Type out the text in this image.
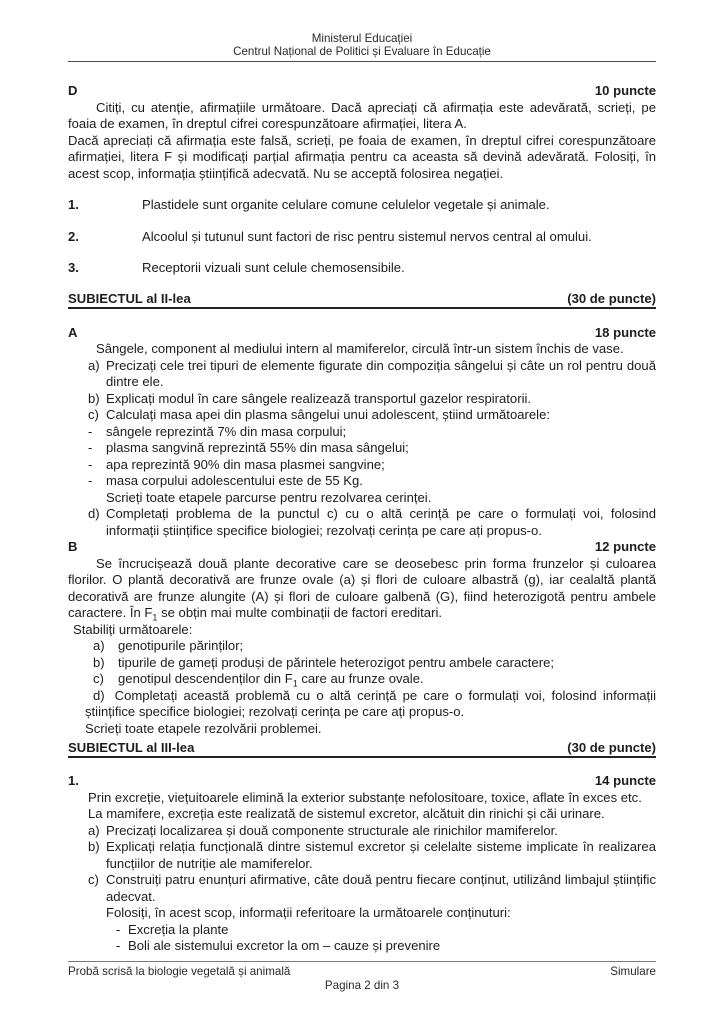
Ministerul Educației
Centrul Național de Politici și Evaluare în Educație
D	10 puncte

Citiți, cu atenție, afirmațiile următoare. Dacă apreciați că afirmația este adevărată, scrieți, pe foaia de examen, în dreptul cifrei corespunzătoare afirmației, litera A.

Dacă apreciați că afirmația este falsă, scrieți, pe foaia de examen, în dreptul cifrei corespunzătoare afirmației, litera F și modificați parțial afirmația pentru ca aceasta să devină adevărată. Folosiți, în acest scop, informația științifică adecvată. Nu se acceptă folosirea negației.

1.	Plastidele sunt organite celulare comune celulelor vegetale și animale.
2.	Alcoolul și tutunul sunt factori de risc pentru sistemul nervos central al omului.
3.	Receptorii vizuali sunt celule chemosensibile.
SUBIECTUL al II-lea	(30 de puncte)
A	18 puncte

Sângele, component al mediului intern al mamiferelor, circulă într-un sistem închis de vase.

a) Precizați cele trei tipuri de elemente figurate din compoziția sângelui și câte un rol pentru două dintre ele.
b) Explicați modul în care sângele realizează transportul gazelor respiratorii.
c) Calculați masa apei din plasma sângelui unui adolescent, știind următoarele:
-	sângele reprezintă 7% din masa corpului;
-	plasma sangvină reprezintă 55% din masa sângelui;
-	apa reprezintă 90% din masa plasmei sangvine;
-	masa corpului adolescentului este de 55 Kg.
Scrieți toate etapele parcurse pentru rezolvarea cerinței.
d) Completați problema de la punctul c) cu o altă cerință pe care o formulați voi, folosind informații științifice specifice biologiei; rezolvați cerința pe care ați propus-o.
B	12 puncte

Se încrucișează două plante decorative care se deosebesc prin forma frunzelor și culoarea florilor. O plantă decorativă are frunze ovale (a) și flori de culoare albastră (g), iar cealaltă plantă decorativă are frunze alungite (A) și flori de culoare galbenă (G), fiind heterozigotă pentru ambele caractere. În $F_1$ se obțin mai multe combinații de factori ereditari.

Stabiliți următoarele:
a)	genotipurile părinților;
b)	tipurile de gameți produși de părintele heterozigot pentru ambele caractere;
c)	genotipul descendenților din $F_1$ care au frunze ovale.

d) Completați această problemă cu o altă cerință pe care o formulați voi, folosind informații științifice specifice biologiei; rezolvați cerința pe care ați propus-o.

Scrieți toate etapele rezolvării problemei.
SUBIECTUL al III-lea	(30 de puncte)
1.	14 puncte

Prin excreție, viețuitoarele elimină la exterior substanțe nefolositoare, toxice, aflate în exces etc.

La mamifere, excreția este realizată de sistemul excretor, alcătuit din rinichi și căi urinare.

a) Precizați localizarea și două componente structurale ale rinichilor mamiferelor.
b) Explicați relația funcțională dintre sistemul excretor și celelalte sisteme implicate în realizarea funcțiilor de nutriție ale mamiferelor.
c) Construiți patru enunțuri afirmative, câte două pentru fiecare conținut, utilizând limbajul științific adecvat.
Folosiți, în acest scop, informații referitoare la următoarele conținuturi:
- Excreția la plante
- Boli ale sistemului excretor la om – cauze și prevenire
Probă scrisă la biologie vegetală și animală	Simulare
Pagina 2 din 3
